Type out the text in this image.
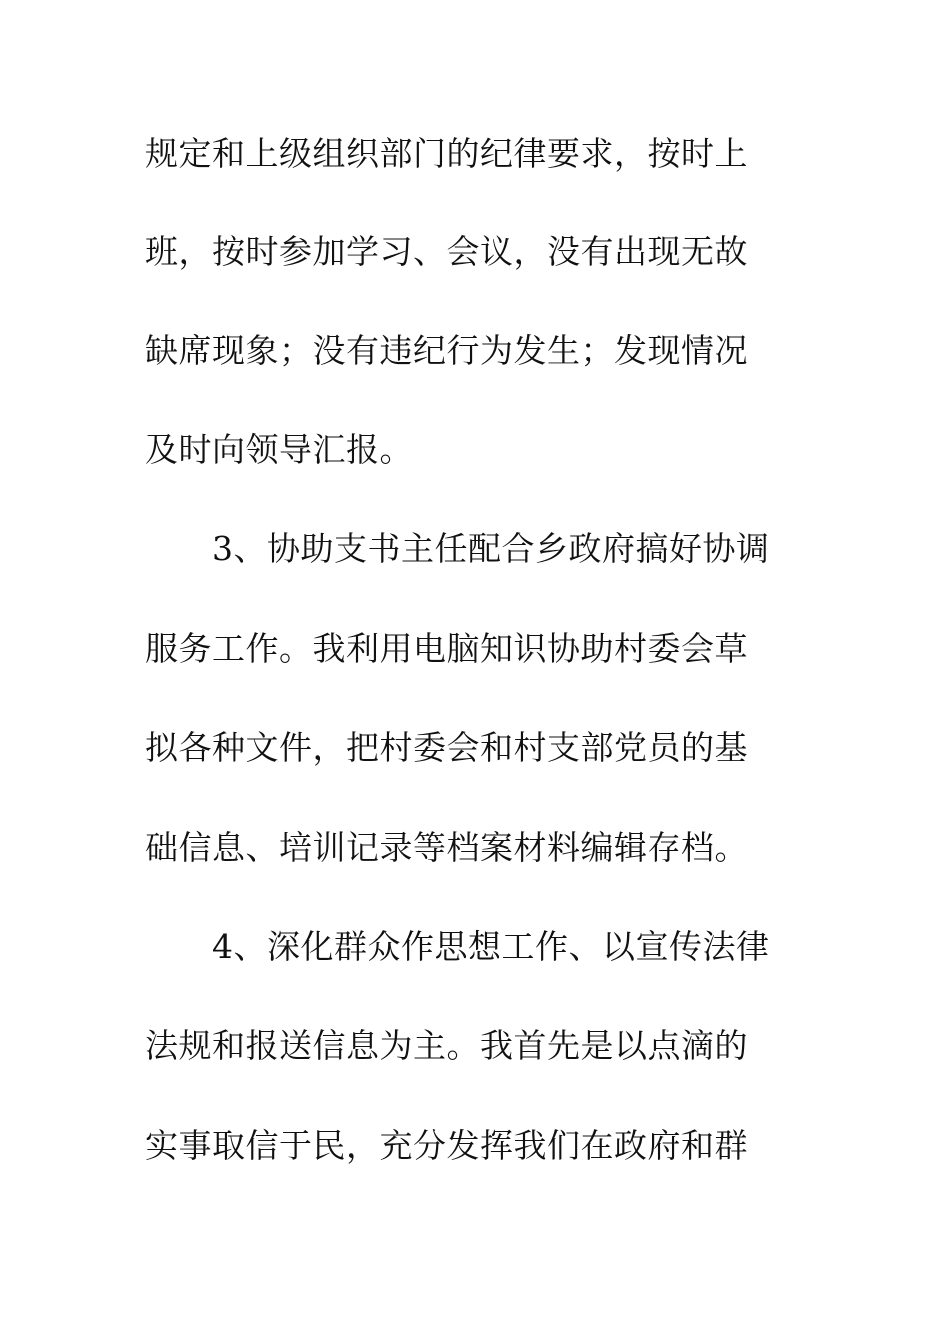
规定和上级组织部门的纪律要求，按时上
班，按时参加学习、会议，没有出现无故
缺席现象；没有违纪行为发生；发现情况
及时向领导汇报。
3、协助支书主任配合乡政府搞好协调
服务工作。我利用电脑知识协助村委会草
拟各种文件，把村委会和村支部党员的基
础信息、培训记录等档案材料编辑存档。
4、深化群众作思想工作、以宣传法律
法规和报送信息为主。我首先是以点滴的
实事取信于民，充分发挥我们在政府和群
